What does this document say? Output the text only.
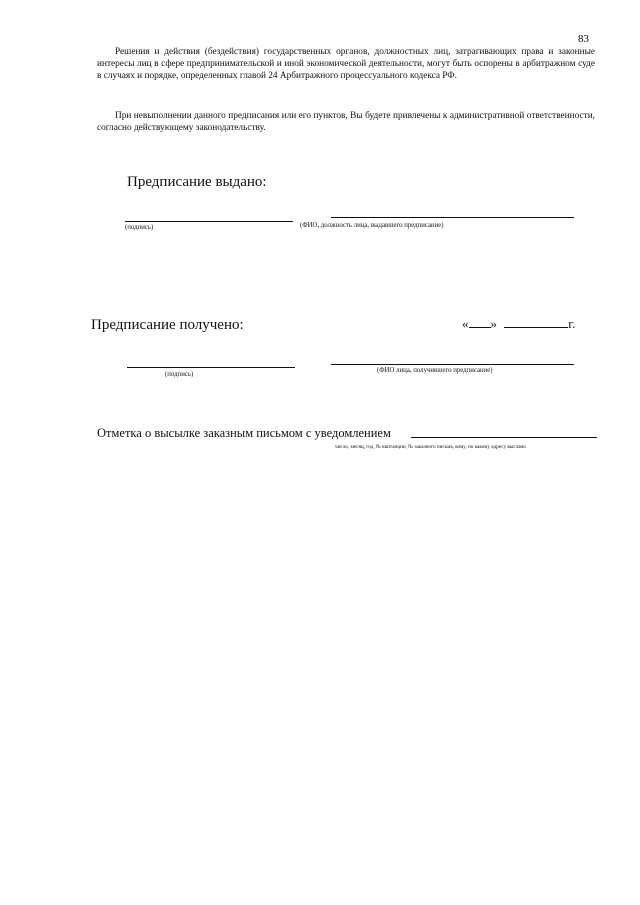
83

Решения и действия (бездействия) государственных органов, должностных лиц, затрагивающих права и законные интересы лиц в сфере предпринимательской и иной экономической деятельности, могут быть оспорены в арбитражном суде в случаях и порядке, определенных главой 24 Арбитражного процессуального кодекса РФ.

При невыполнении данного предписания или его пунктов, Вы будете привлечены к административной ответственности, согласно действующему законодательству.

Предписание выдано:
(подпись)	(ФИО, должность лица, выдавшего предписание)
Предписание получено:	« »	г.
(подпись)
(ФИО лица, получившего предписание)
Отметка о высылке заказным письмом с уведомлением
число, месяц, год, № квитанции, № заказного письма, кому, по какому адресу выслано
